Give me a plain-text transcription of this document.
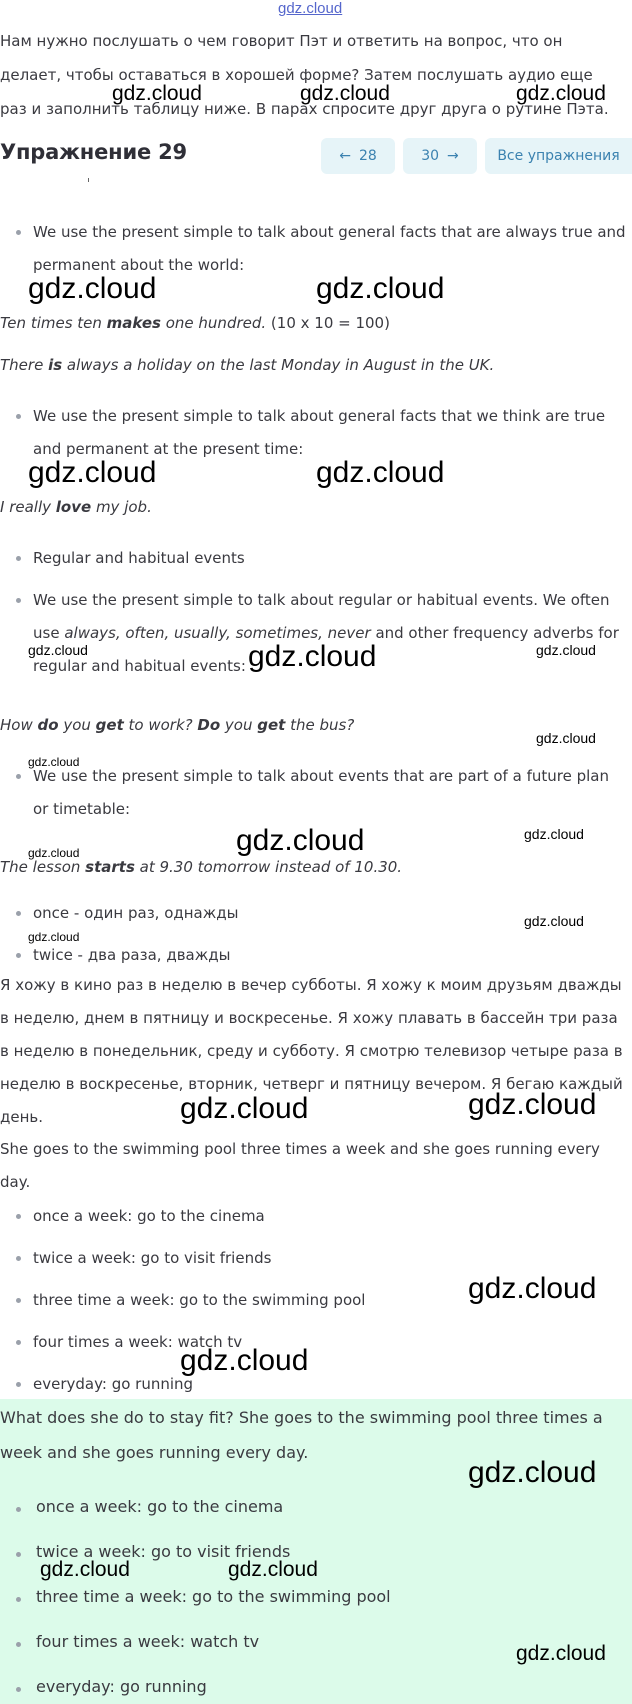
gdz.cloud
Нам нужно послушать о чем говорит Пэт и ответить на вопрос, что он делает, чтобы оставаться в хорошей форме? Затем послушать аудио еще раз и заполнить таблицу ниже. В парах спросите друг друга о рутине Пэта.
Упражнение 29	← 28	30 →	Все упражнения
We use the present simple to talk about general facts that are always true and permanent about the world:
Ten times ten makes one hundred. (10 x 10 = 100)
There is always a holiday on the last Monday in August in the UK.
We use the present simple to talk about general facts that we think are true and permanent at the present time:
I really love my job.
Regular and habitual events
We use the present simple to talk about regular or habitual events. We often use always, often, usually, sometimes, never and other frequency adverbs for regular and habitual events:
How do you get to work? Do you get the bus?
We use the present simple to talk about events that are part of a future plan or timetable:
The lesson starts at 9.30 tomorrow instead of 10.30.
once - один раз, однажды
twice - два раза, дважды
Я хожу в кино раз в неделю в вечер субботы. Я хожу к моим друзьям дважды в неделю, днем в пятницу и воскресенье. Я хожу плавать в бассейн три раза в неделю в понедельник, среду и субботу. Я смотрю телевизор четыре раза в неделю в воскресенье, вторник, четверг и пятницу вечером. Я бегаю каждый день.
She goes to the swimming pool three times a week and she goes running every day.
once a week: go to the cinema
twice a week: go to visit friends
three time a week: go to the swimming pool
four times a week: watch tv
everyday: go running
What does she do to stay fit? She goes to the swimming pool three times a week and she goes running every day.
once a week: go to the cinema
twice a week: go to visit friends
three time a week: go to the swimming pool
four times a week: watch tv
everyday: go running
gdz.cloud	gdz.cloud	gdz.cloud
gdz.cloud	gdz.cloud
gdz.cloud	gdz.cloud
gdz.cloud	gdz.cloud	gdz.cloud
gdz.cloud
gdz.cloud
gdz.cloud	gdz.cloud
gdz.cloud
gdz.cloud
gdz.cloud
gdz.cloud	gdz.cloud
gdz.cloud
gdz.cloud
gdz.cloud
gdz.cloud	gdz.cloud
gdz.cloud
